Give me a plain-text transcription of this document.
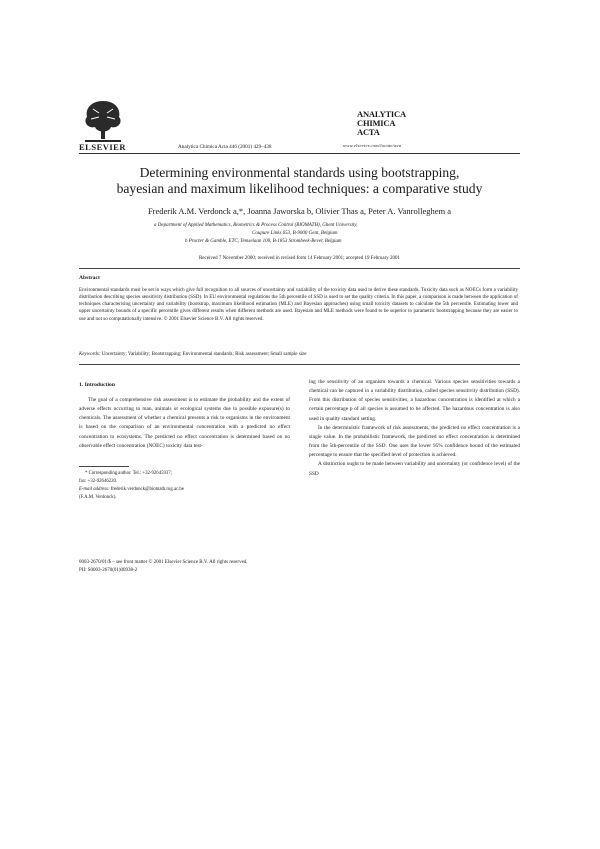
ELSEVIER	Analytica Chimica Acta 446 (2001) 429–438
ANALYTICA
CHIMICA
ACTA
www.elsevier.com/locate/aca
Determining environmental standards using bootstrapping,
bayesian and maximum likelihood techniques: a comparative study
Frederik A.M. Verdonck a,*, Joanna Jaworska b, Olivier Thas a, Peter A. Vanrolleghem a
a Department of Applied Mathematics, Biometrics & Process Control (BIOMATH), Ghent University,
Coupure Links 653, B-9000 Gent, Belgium
b Procter & Gamble, ETC, Temselaan 100, B-1853 Strombeek-Bever, Belgium
Received 7 November 2000; received in revised form 14 February 2001; accepted 19 February 2001
Abstract
Environmental standards must be set in ways which give full recognition to all sources of uncertainty and variability of the toxicity data used to derive these standards. Toxicity data such as NOECs form a variability distribution describing species sensitivity distribution (SSD). In EU environmental regulations the 5th percentile of SSD is used to set the quality criteria. In this paper, a comparison is made between the application of techniques characterising uncertainty and variability (bootstrap, maximum likelihood estimation (MLE) and Bayesian approaches) using small toxicity datasets to calculate the 5th percentile. Estimating lower and upper uncertainty bounds of a specific percentile gives different results when different methods are used. Bayesian and MLE methods were found to be superior to parametric bootstrapping because they are easier to use and not so computationally intensive. © 2001 Elsevier Science B.V. All rights reserved.
Keywords: Uncertainty; Variability; Bootstrapping; Environmental standards; Risk assessment; Small sample size
1. Introduction

The goal of a comprehensive risk assessment is to estimate the probability and the extent of adverse effects occurring to man, animals or ecological systems due to possible exposure(s) to chemicals. The assessment of whether a chemical presents a risk to organisms in the environment is based on the comparison of an environmental concentration with a predicted no effect concentration to ecosystems. The predicted no effect concentration is determined based on no observable effect concentration (NOEC) toxicity data test-

ing the sensitivity of an organism towards a chemical. Various species sensitivities towards a chemical can be captured in a variability distribution, called species sensitivity distribution (SSD). From this distribution of species sensitivities, a hazardous concentration is identified at which a certain percentage p of all species is assumed to be affected. The hazardous concentration is also used in quality standard setting.

In the deterministic framework of risk assessments, the predicted no effect concentration is a single value. In the probabilistic framework, the predicted no effect concentration is determined from the 5th-percentile of the SSD. One uses the lower 95% confidence bound of the estimated percentage to ensure that the specified level of protection is achieved.

A distinction ought to be made between variability and uncertainty (or confidence level) of the SSD

* Corresponding author. Tel.: +32-92645937;
fax: +32-92646220.
E-mail address: frederik.verdonck@biomath.rug.ac.be
(F.A.M. Verdonck).
0003-2670/01/$ – see front matter © 2001 Elsevier Science B.V. All rights reserved.
PII: S0003-2670(01)00938-2
